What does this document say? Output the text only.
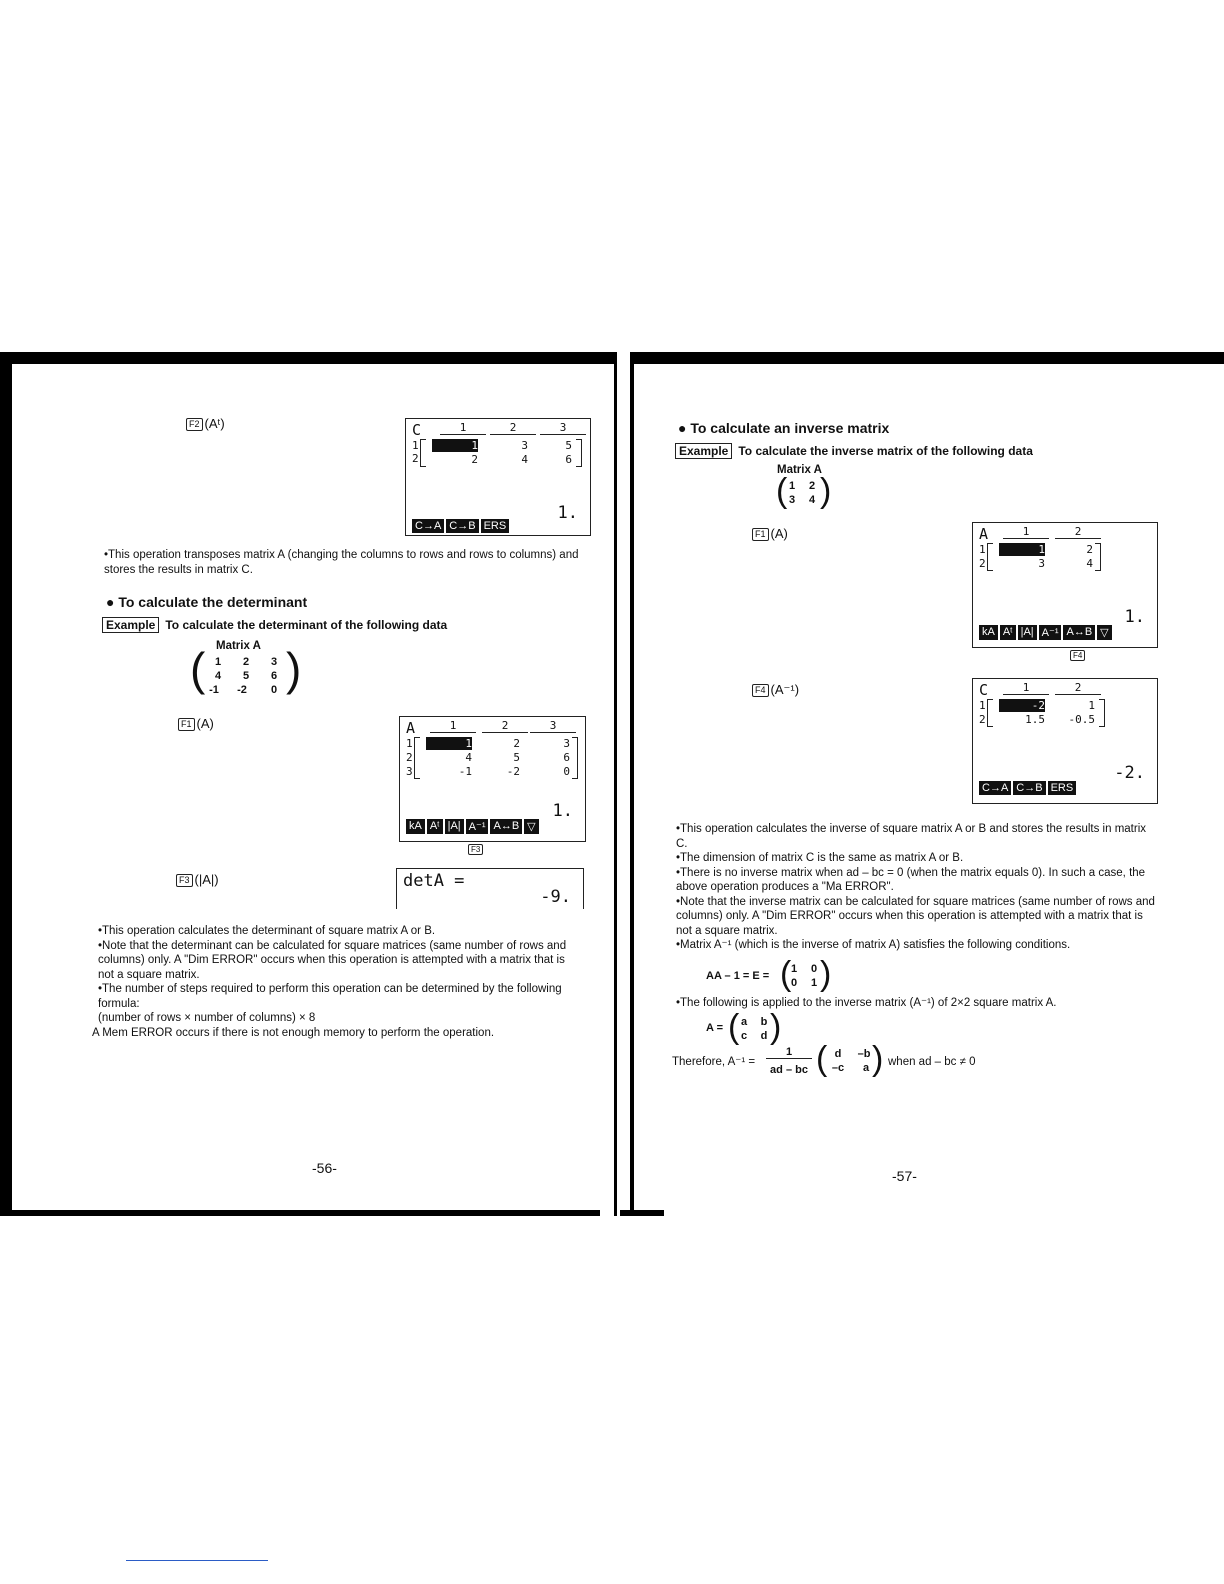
F2 (Aᵗ)	C	1	2	3
1
2
1	3	5
2	4	6
1.
C→A C→B ERS
•This operation transposes matrix A (changing the columns to rows and rows to columns) and stores the results in matrix C.
● To calculate the determinant
Example To calculate the determinant of the following data
Matrix A
( )
1	2	3
4	5	6
-1	-2	0
F1 (A)	A	1	2	3
1
2
3
1	2	3
4	5	6
-1	-2	0
1.
kA Aᵗ |A| A⁻¹ A↔B ▽
F3
F3 (|A|)	detA =
-9.
•This operation calculates the determinant of square matrix A or B.
•Note that the determinant can be calculated for square matrices (same number of rows and columns) only. A "Dim ERROR" occurs when this operation is attempted with a matrix that is not a square matrix.
•The number of steps required to perform this operation can be determined by the following formula:
(number of rows × number of columns) × 8
A Mem ERROR occurs if there is not enough memory to perform the operation.
-56-
● To calculate an inverse matrix
Example To calculate the inverse matrix of the following data
Matrix A
( )
1	2
3	4
F1 (A)	A	1	2
1
2
1	2
3	4
1.
kA Aᵗ |A| A⁻¹ A↔B ▽
F4
F4 (A⁻¹)	C	1	2
1
2
-2	1
1.5	-0.5
-2.
C→A C→B ERS
•This operation calculates the inverse of square matrix A or B and stores the results in matrix C.
•The dimension of matrix C is the same as matrix A or B.
•There is no inverse matrix when ad – bc = 0 (when the matrix equals 0). In such a case, the above operation produces a "Ma ERROR".
•Note that the inverse matrix can be calculated for square matrices (same number of rows and columns) only. A "Dim ERROR" occurs when this operation is attempted with a matrix that is not a square matrix.
•Matrix A⁻¹ (which is the inverse of matrix A) satisfies the following conditions.
AA – 1 = E = ( )
1	0
0	1
•The following is applied to the inverse matrix (A⁻¹) of 2×2 square matrix A.
A = ( )
a	b
c	d
Therefore, A⁻¹ =
1
ad – bc ( )
d	–b
–c	a	when ad – bc ≠ 0
-57-
